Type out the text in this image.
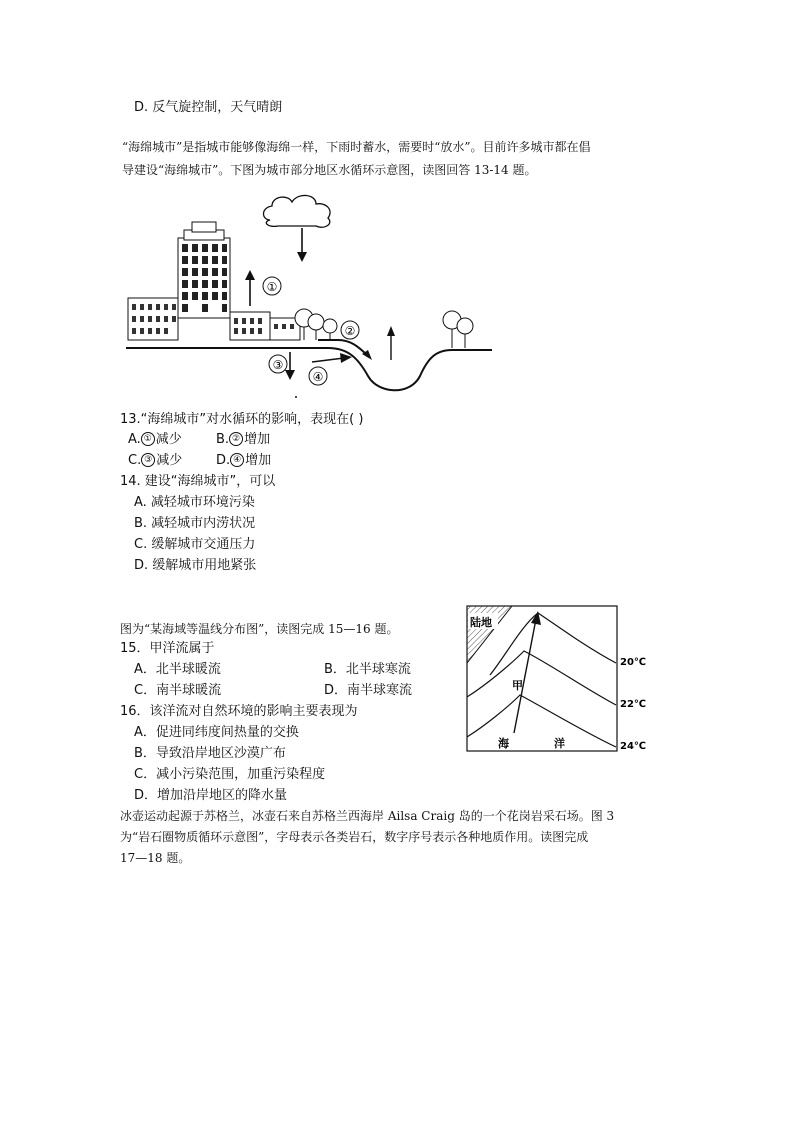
D. 反气旋控制，天气晴朗
“海绵城市”是指城市能够像海绵一样，下雨时蓄水，需要时“放水”。目前许多城市都在倡
导建设“海绵城市”。下图为城市部分地区水循环示意图，读图回答 13-14 题。
①
②
③
④
13.“海绵城市”对水循环的影响，表现在( )
A. ① 减少	B. ② 增加
C. ③ 减少	D. ④ 增加
14. 建设“海绵城市”，可以
A. 减轻城市环境污染
B. 减轻城市内涝状况
C. 缓解城市交通压力
D. 缓解城市用地紧张
图为“某海域等温线分布图”，读图完成 15—16 题。
15．甲洋流属于
A．北半球暖流	B．北半球寒流
C．南半球暖流	D．南半球寒流
16．该洋流对自然环境的影响主要表现为
A．促进同纬度间热量的交换
B．导致沿岸地区沙漠广布
C．减小污染范围，加重污染程度
D．增加沿岸地区的降水量
陆地
甲
海	洋
20℃
22℃
24℃
冰壶运动起源于苏格兰，冰壶石来自苏格兰西海岸 Ailsa Craig 岛的一个花岗岩采石场。图 3
为“岩石圈物质循环示意图”，字母表示各类岩石，数字序号表示各种地质作用。读图完成
17—18 题。
